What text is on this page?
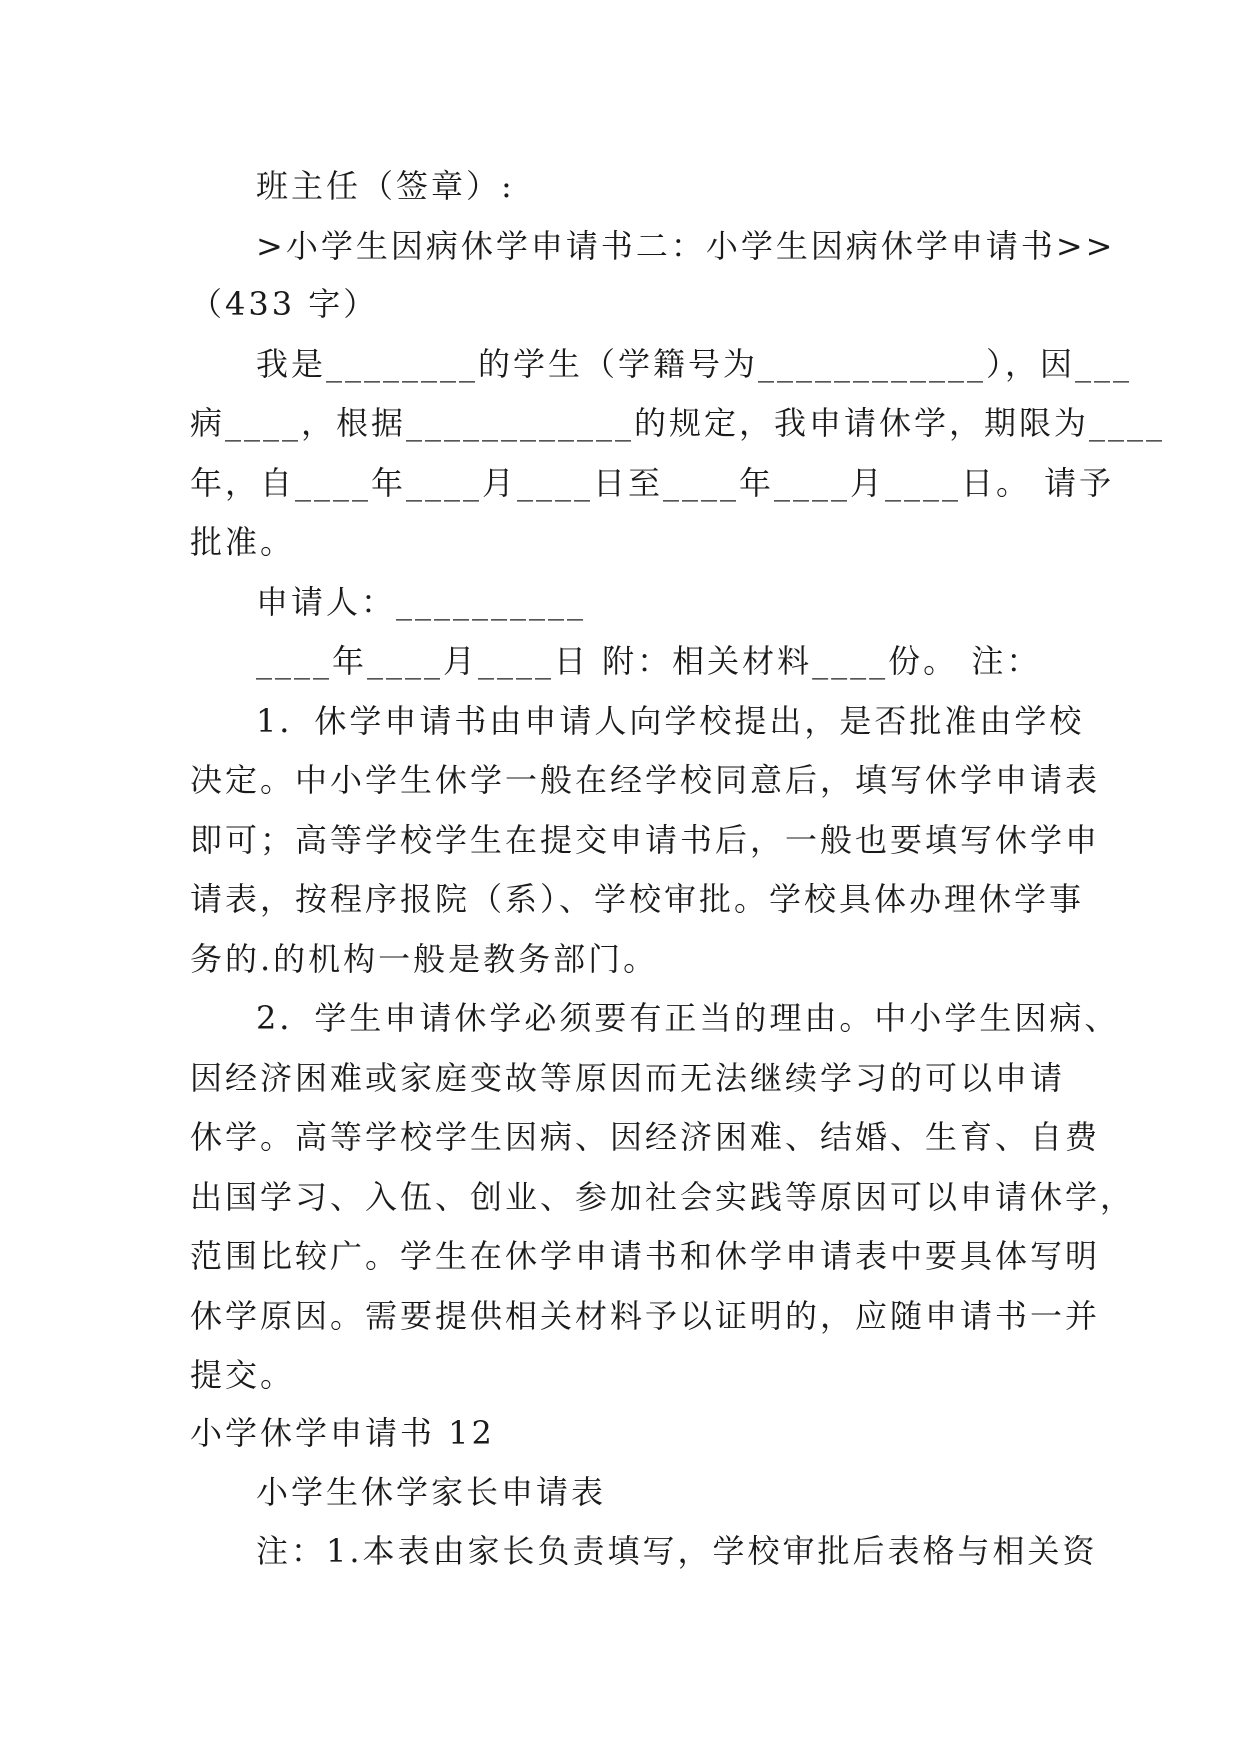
班主任（签章）:
>小学生因病休学申请书二：小学生因病休学申请书>>
（433 字）
我是________的学生（学籍号为____________），因___
病____，根据____________的规定，我申请休学，期限为____
年，自____年____月____日至____年____月____日。 请予
批准。
申请人：__________
____年____月____日 附：相关材料____份。 注：
1．休学申请书由申请人向学校提出，是否批准由学校
决定。中小学生休学一般在经学校同意后，填写休学申请表
即可；高等学校学生在提交申请书后，一般也要填写休学申
请表，按程序报院（系）、学校审批。学校具体办理休学事
务的.的机构一般是教务部门。
2．学生申请休学必须要有正当的理由。中小学生因病、
因经济困难或家庭变故等原因而无法继续学习的可以申请
休学。高等学校学生因病、因经济困难、结婚、生育、自费
出国学习、入伍、创业、参加社会实践等原因可以申请休学，
范围比较广。学生在休学申请书和休学申请表中要具体写明
休学原因。需要提供相关材料予以证明的，应随申请书一并
提交。
小学休学申请书 12
小学生休学家长申请表
注：1.本表由家长负责填写，学校审批后表格与相关资
